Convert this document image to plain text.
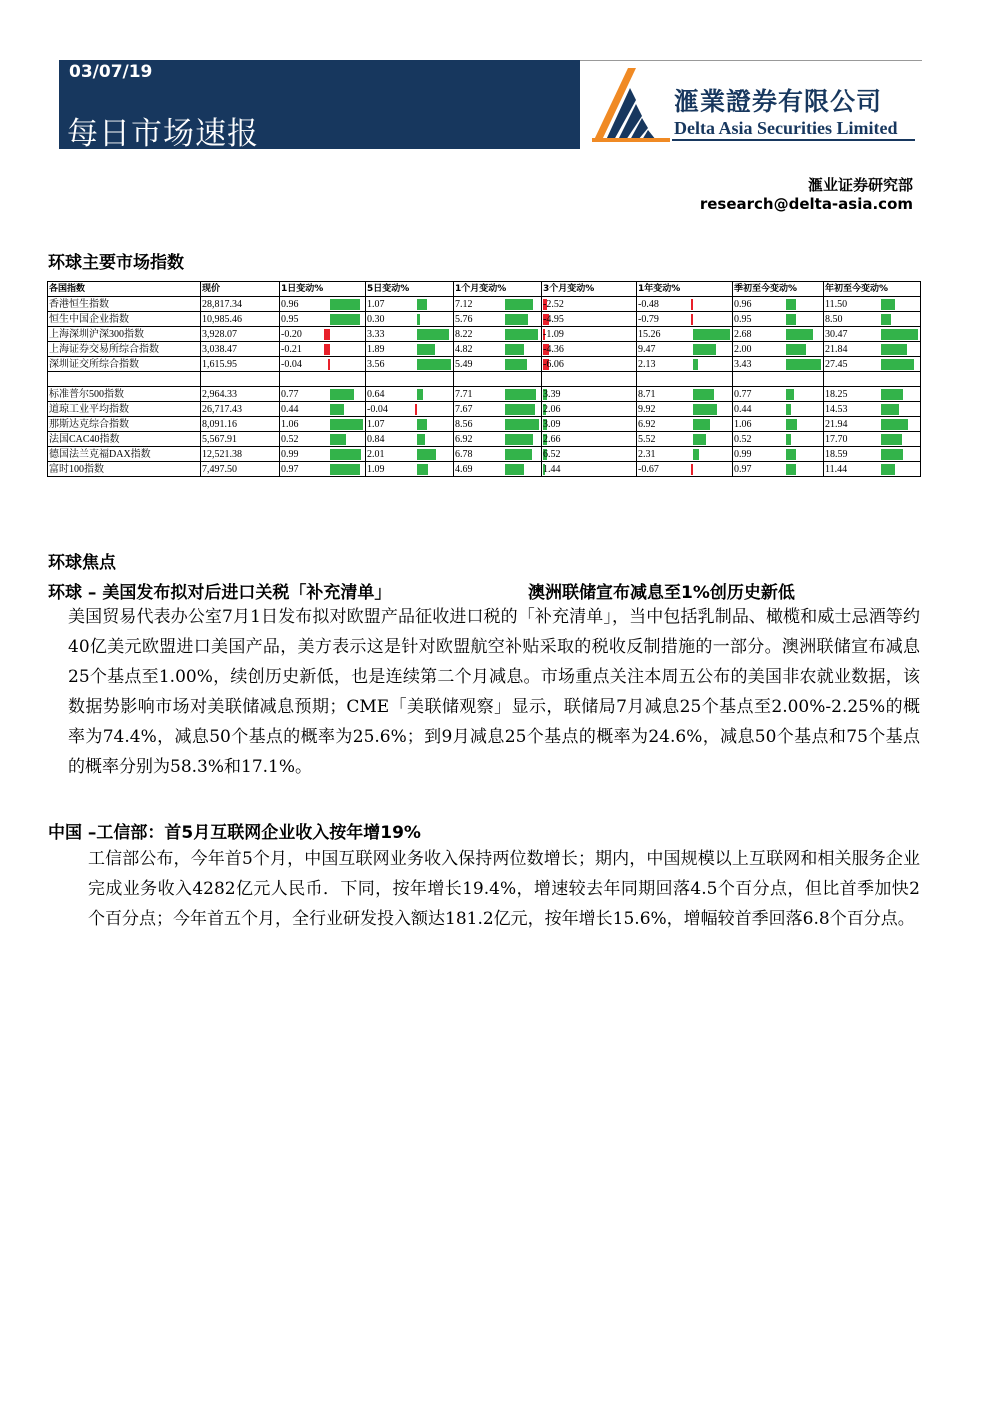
03/07/19
每日市场速报
滙業證券有限公司
Delta Asia Securities Limited
滙业证券研究部
research@delta-asia.com
环球主要市场指数
各国指数	现价	1日变动%	5日变动%	1个月变动%	3个月变动%	1年变动%	季初至今变动%	年初至今变动%
香港恒生指数	28,817.34	0.96	1.07	7.12	-2.52	-0.48	0.96	11.50

恒生中国企业指数	10,985.46	0.95	0.30	5.76	-4.95	-0.79	0.95	8.50

上海深圳沪深300指数	3,928.07	-0.20	3.33	8.22	-1.09	15.26	2.68	30.47

上海证券交易所综合指数	3,038.47	-0.21	1.89	4.82	-4.36	9.47	2.00	21.84

深圳证交所综合指数	1,615.95	-0.04	3.56	5.49	-6.06	2.13	3.43	27.45

标准普尔500指数	2,964.33	0.77	0.64	7.71	3.39	8.71	0.77	18.25

道琼工业平均指数	26,717.43	0.44	-0.04	7.67	2.06	9.92	0.44	14.53

那斯达克综合指数	8,091.16	1.06	1.07	8.56	3.09	6.92	1.06	21.94

法国CAC40指数	5,567.91	0.52	0.84	6.92	2.66	5.52	0.52	17.70

德国法兰克福DAX指数	12,521.38	0.99	2.01	6.78	6.52	2.31	0.99	18.59

富时100指数	7,497.50	0.97	1.09	4.69	1.44	-0.67	0.97	11.44
环球焦点
环球 – 美国发布拟对后进口关税「补充清单」	澳洲联储宣布减息至1%创历史新低
美国贸易代表办公室7月1日发布拟对欧盟产品征收进口税的「补充清单」，当中包括乳制品、橄榄和威士忌酒等约40亿美元欧盟进口美国产品，美方表示这是针对欧盟航空补贴采取的税收反制措施的一部分。澳洲联储宣布减息25个基点至1.00%，续创历史新低，也是连续第二个月减息。市场重点关注本周五公布的美国非农就业数据，该数据势影响市场对美联储减息预期；CME「美联储观察」显示，联储局7月减息25个基点至2.00%-2.25%的概率为74.4%，减息50个基点的概率为25.6%；到9月减息25个基点的概率为24.6%，减息50个基点和75个基点的概率分别为58.3%和17.1%。
中国 –工信部：首5月互联网企业收入按年增19%
工信部公布，今年首5个月，中国互联网业务收入保持两位数增长；期内，中国规模以上互联网和相关服务企业完成业务收入4282亿元人民币．下同，按年增长19.4%，增速较去年同期回落4.5个百分点，但比首季加快2个百分点；今年首五个月，全行业研发投入额达181.2亿元，按年增长15.6%，增幅较首季回落6.8个百分点。
